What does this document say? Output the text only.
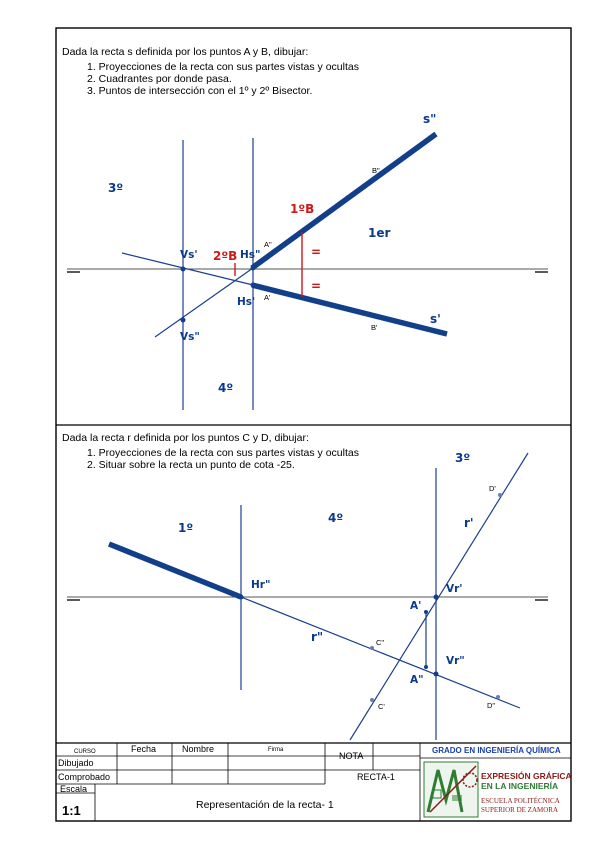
Dada la recta s definida por los puntos A y B, dibujar:
1. Proyecciones de la recta con sus partes vistas y ocultas
2. Cuadrantes por donde pasa.
3. Puntos de intersección con el 1º y 2º Bisector.
s"
s'
B"
B'
A"
A'
Vs'
Vs"
Hs"
Hs'
1ºB
2ºB	=
=
1er
3º
4º
Dada la recta r definida por los puntos C y D, dibujar:
1. Proyecciones de la recta con sus partes vistas y ocultas
2. Situar sobre la recta un punto de cota -25.
1º
4º
3º
Hr"
r"
r'
Vr'
Vr"
A'
A"
C"
C'
D'
D"
CURSO	Fecha	Nombre	Firma
NOTA
Dibujado
Comprobado
Escala
1:1
RECTA-1
Representación de la recta- 1
GRADO EN INGENIERÍA QUÍMICA
EXPRESIÓN GRÁFICA
EN LA INGENIERÍA
ESCUELA POLITÉCNICA
SUPERIOR DE ZAMORA
